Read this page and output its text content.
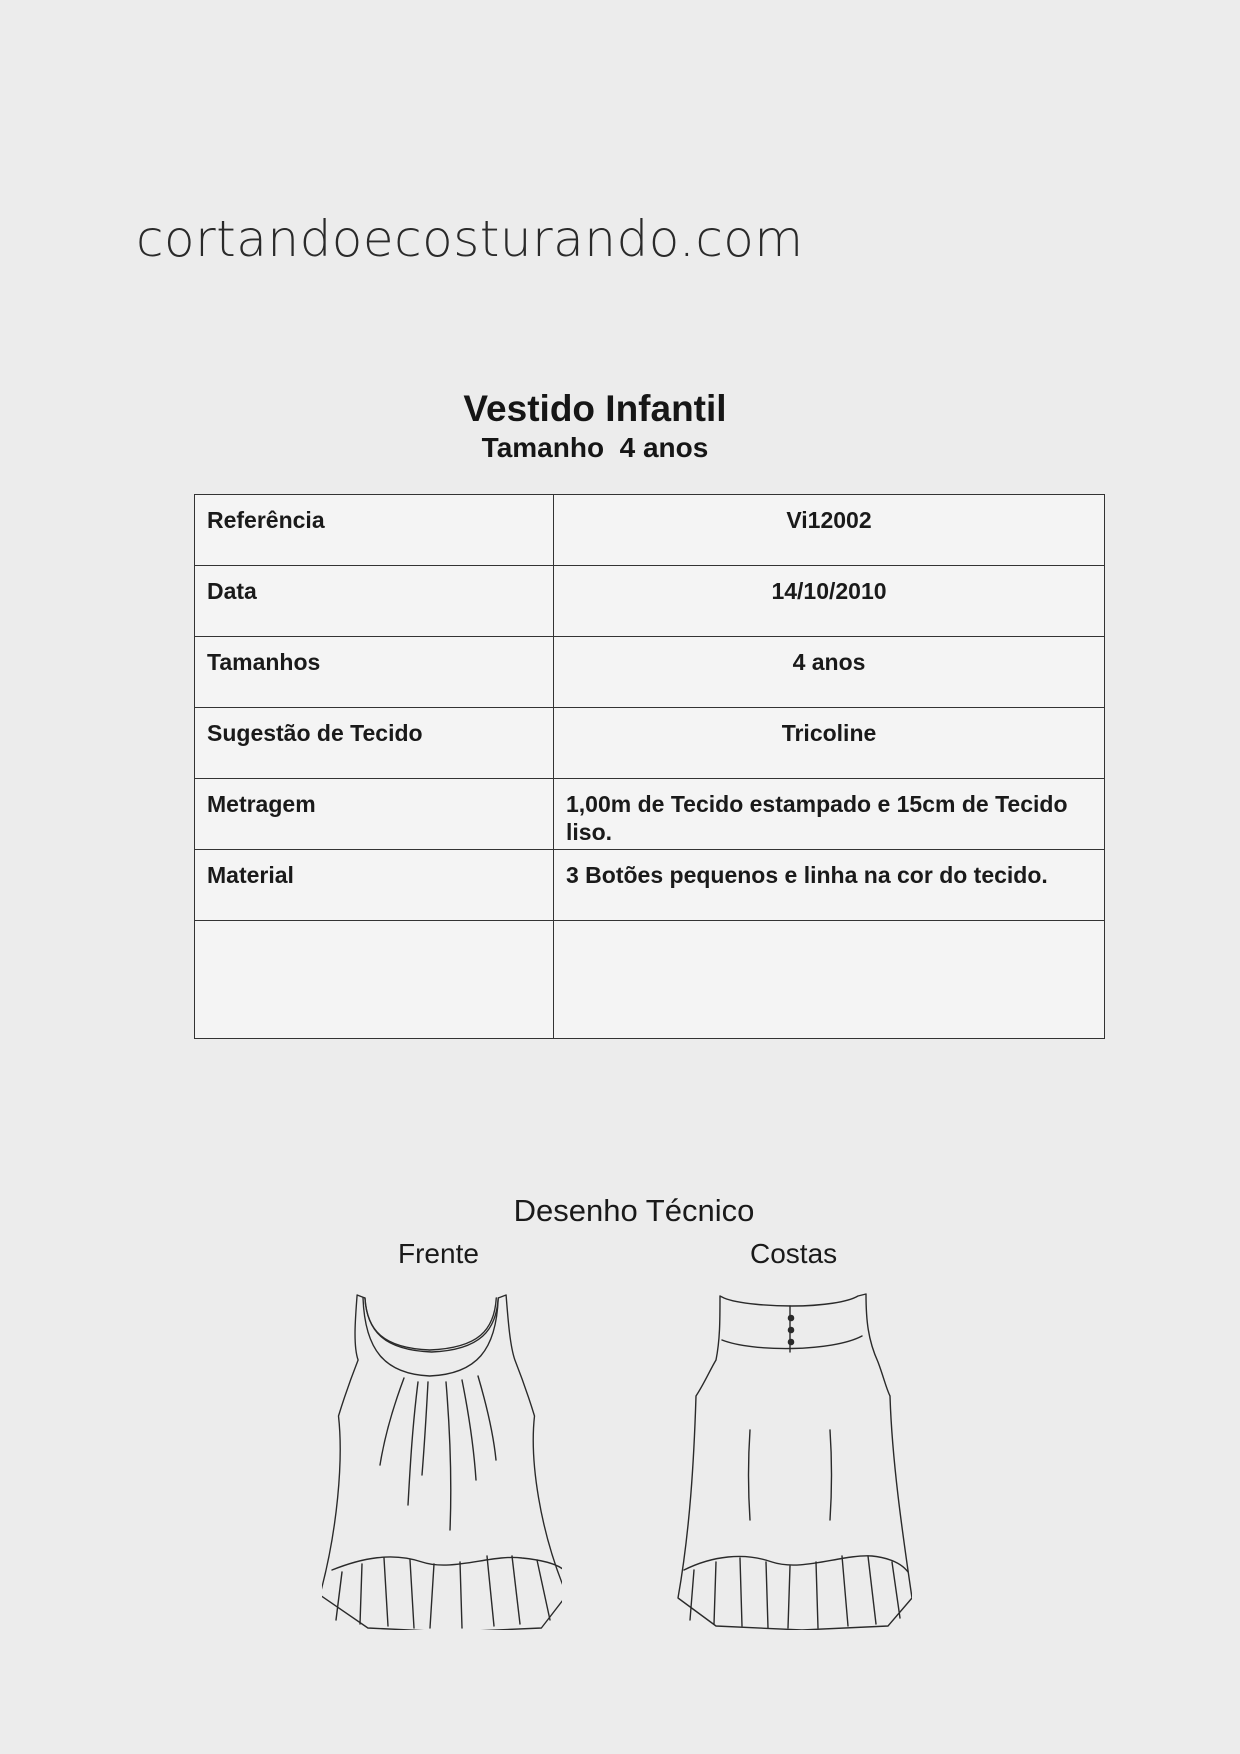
cortandoecosturando.com
Vestido Infantil
Tamanho  4 anos
Referência	Vi12002
Data	14/10/2010
Tamanhos	4 anos
Sugestão de Tecido	Tricoline
Metragem	1,00m de Tecido estampado e 15cm de Tecido liso.
Material	3 Botões pequenos e linha na cor do tecido.

Desenho Técnico
Frente	Costas
